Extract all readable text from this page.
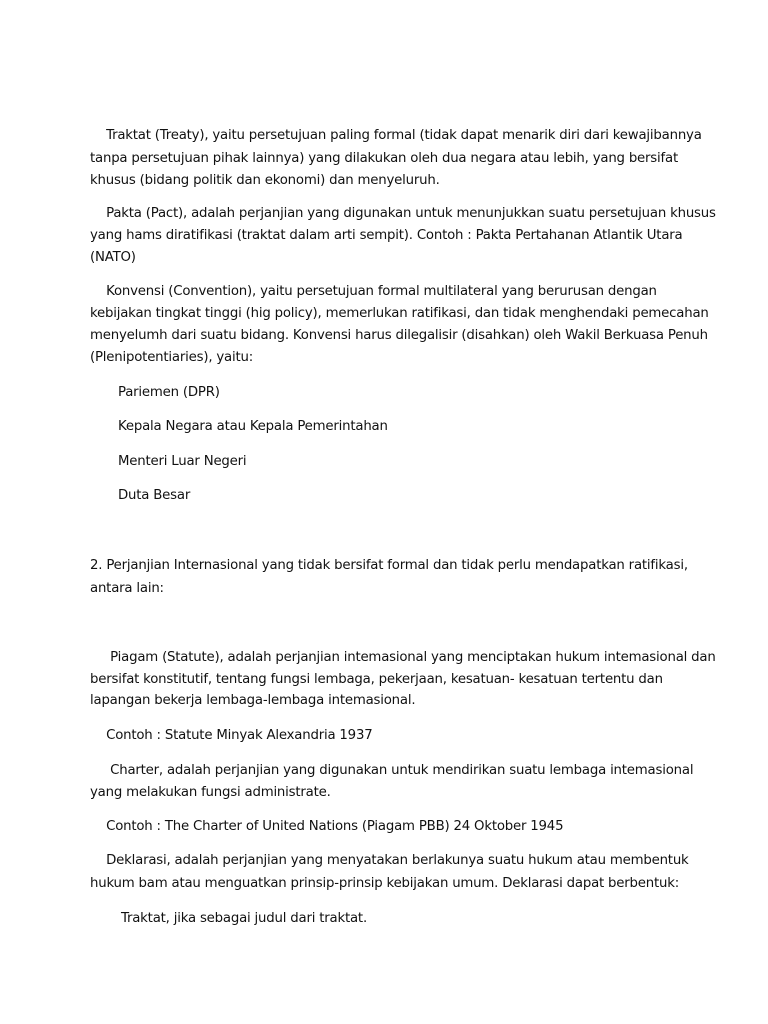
Traktat (Treaty), yaitu persetujuan paling formal (tidak dapat menarik diri dari kewajibannya
tanpa persetujuan pihak lainnya) yang dilakukan oleh dua negara atau lebih, yang bersifat
khusus (bidang politik dan ekonomi) dan menyeluruh.
Pakta (Pact), adalah perjanjian yang digunakan untuk menunjukkan suatu persetujuan khusus
yang hams diratifikasi (traktat dalam arti sempit). Contoh : Pakta Pertahanan Atlantik Utara
(NATO)
Konvensi (Convention), yaitu persetujuan formal multilateral yang berurusan dengan
kebijakan tingkat tinggi (hig policy), memerlukan ratifikasi, dan tidak menghendaki pemecahan
menyelumh dari suatu bidang. Konvensi harus dilegalisir (disahkan) oleh Wakil Berkuasa Penuh
(Plenipotentiaries), yaitu:
Pariemen (DPR)
Kepala Negara atau Kepala Pemerintahan
Menteri Luar Negeri
Duta Besar
2. Perjanjian Internasional yang tidak bersifat formal dan tidak perlu mendapatkan ratifikasi,
antara lain:
Piagam (Statute), adalah perjanjian intemasional yang menciptakan hukum intemasional dan
bersifat konstitutif, tentang fungsi lembaga, pekerjaan, kesatuan- kesatuan tertentu dan
lapangan bekerja lembaga-lembaga intemasional.
Contoh : Statute Minyak Alexandria 1937
Charter, adalah perjanjian yang digunakan untuk mendirikan suatu lembaga intemasional
yang melakukan fungsi administrate.
Contoh : The Charter of United Nations (Piagam PBB) 24 Oktober 1945
Deklarasi, adalah perjanjian yang menyatakan berlakunya suatu hukum atau membentuk
hukum bam atau menguatkan prinsip-prinsip kebijakan umum. Deklarasi dapat berbentuk:
Traktat, jika sebagai judul dari traktat.
